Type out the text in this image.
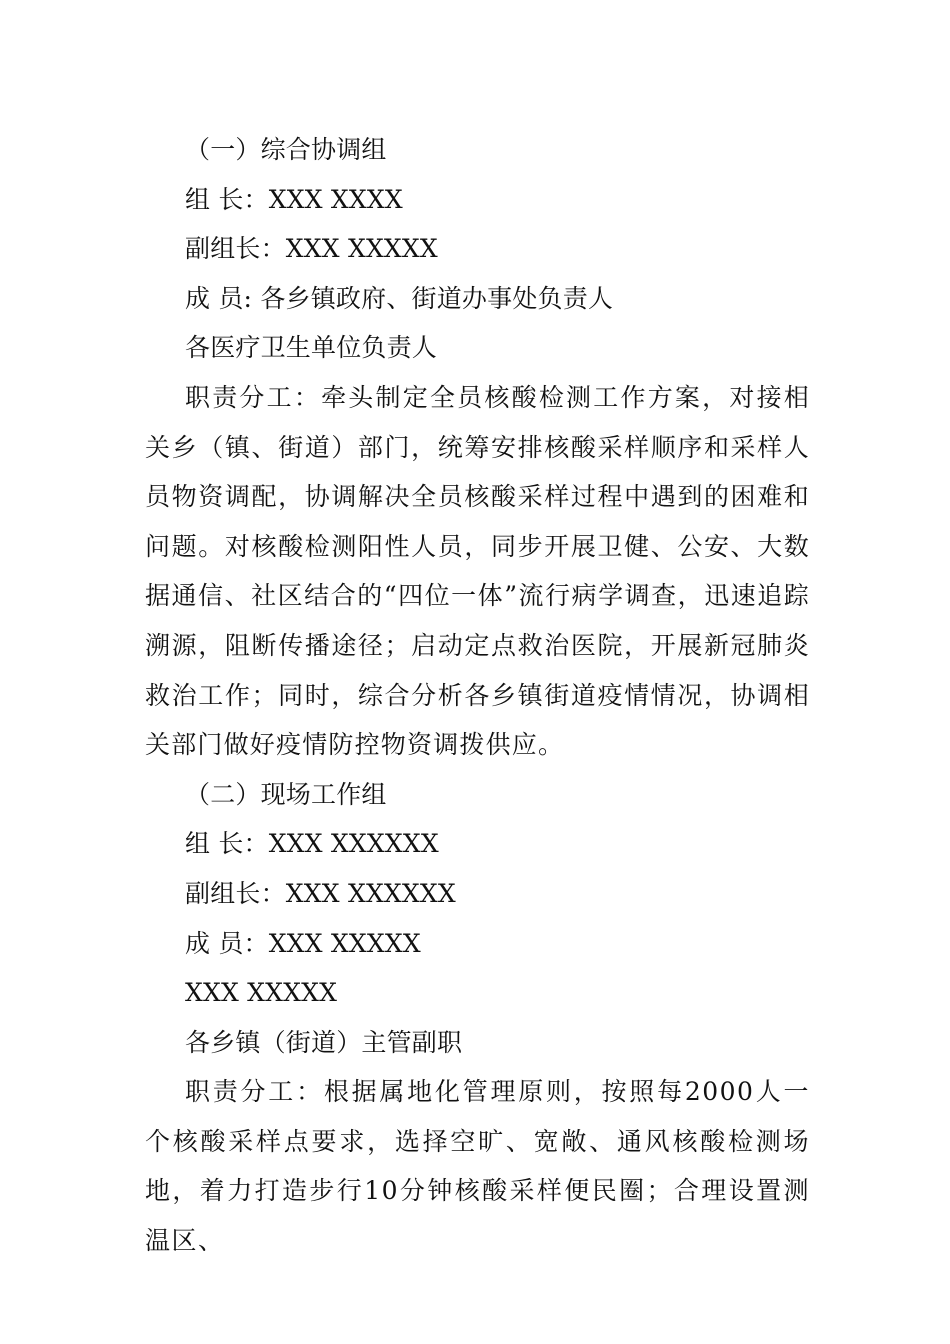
（一）综合协调组
组 长：XXX XXXX
副组长：XXX XXXXX
成 员: 各乡镇政府、街道办事处负责人
各医疗卫生单位负责人

职责分工：牵头制定全员核酸检测工作方案，对接相关乡（镇、街道）部门，统筹安排核酸采样顺序和采样人员物资调配，协调解决全员核酸采样过程中遇到的困难和问题。对核酸检测阳性人员，同步开展卫健、公安、大数据通信、社区结合的“四位一体”流行病学调查，迅速追踪溯源，阻断传播途径；启动定点救治医院，开展新冠肺炎救治工作；同时，综合分析各乡镇街道疫情情况，协调相关部门做好疫情防控物资调拨供应。

（二）现场工作组
组 长：XXX XXXXXX
副组长：XXX XXXXXX
成 员：XXX XXXXX
XXX XXXXX
各乡镇（街道）主管副职

职责分工：根据属地化管理原则，按照每2000人一个核酸采样点要求，选择空旷、宽敞、通风核酸检测场地，着力打造步行10分钟核酸采样便民圈；合理设置测温区、
